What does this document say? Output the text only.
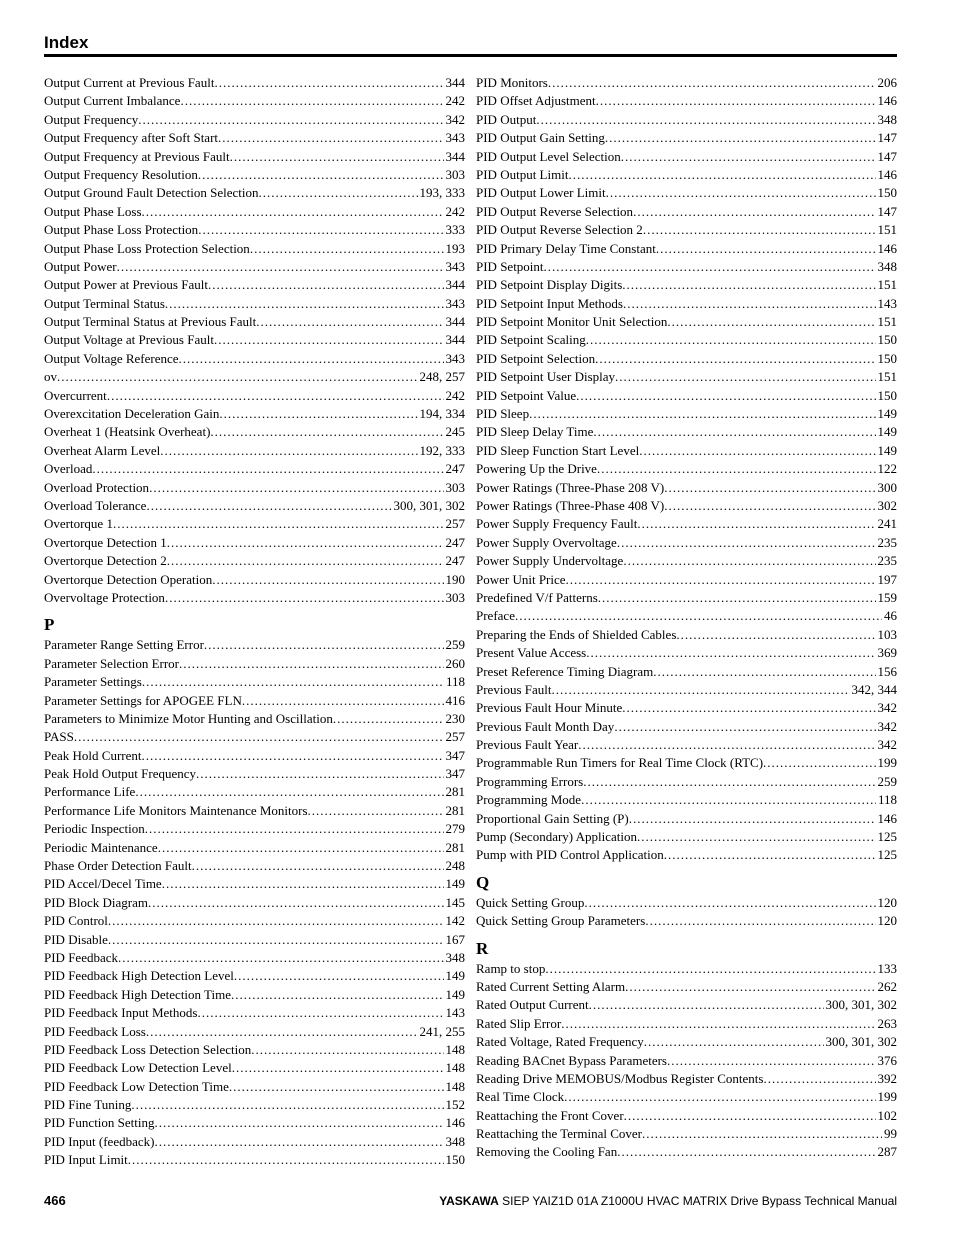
Index
Output Current at Previous Fault .....	344
Output Current Imbalance .....	242
Output Frequency .....	342
Output Frequency after Soft Start .....	343
Output Frequency at Previous Fault .....	344
Output Frequency Resolution .....	303
Output Ground Fault Detection Selection .....	193, 333
Output Phase Loss .....	242
Output Phase Loss Protection .....	333
Output Phase Loss Protection Selection .....	193
Output Power .....	343
Output Power at Previous Fault .....	344
Output Terminal Status .....	343
Output Terminal Status at Previous Fault .....	344
Output Voltage at Previous Fault .....	344
Output Voltage Reference .....	343
ov .....	248, 257
Overcurrent .....	242
Overexcitation Deceleration Gain .....	194, 334
Overheat 1 (Heatsink Overheat) .....	245
Overheat Alarm Level .....	192, 333
Overload .....	247
Overload Protection .....	303
Overload Tolerance .....	300, 301, 302
Overtorque 1 .....	257
Overtorque Detection 1 .....	247
Overtorque Detection 2 .....	247
Overtorque Detection Operation .....	190
Overvoltage Protection .....	303
P
Parameter Range Setting Error .....	259
Parameter Selection Error .....	260
Parameter Settings .....	118
Parameter Settings for APOGEE FLN .....	416
Parameters to Minimize Motor Hunting and Oscillation .....	230
PASS .....	257
Peak Hold Current .....	347
Peak Hold Output Frequency .....	347
Performance Life .....	281
Performance Life Monitors Maintenance Monitors .....	281
Periodic Inspection .....	279
Periodic Maintenance .....	281
Phase Order Detection Fault .....	248
PID Accel/Decel Time .....	149
PID Block Diagram .....	145
PID Control .....	142
PID Disable .....	167
PID Feedback .....	348
PID Feedback High Detection Level .....	149
PID Feedback High Detection Time .....	149
PID Feedback Input Methods .....	143
PID Feedback Loss .....	241, 255
PID Feedback Loss Detection Selection .....	148
PID Feedback Low Detection Level .....	148
PID Feedback Low Detection Time .....	148
PID Fine Tuning .....	152
PID Function Setting .....	146
PID Input (feedback) .....	348
PID Input Limit .....	150
PID Monitors .....	206
PID Offset Adjustment .....	146
PID Output .....	348
PID Output Gain Setting .....	147
PID Output Level Selection .....	147
PID Output Limit .....	146
PID Output Lower Limit .....	150
PID Output Reverse Selection .....	147
PID Output Reverse Selection 2 .....	151
PID Primary Delay Time Constant .....	146
PID Setpoint .....	348
PID Setpoint Display Digits .....	151
PID Setpoint Input Methods .....	143
PID Setpoint Monitor Unit Selection .....	151
PID Setpoint Scaling .....	150
PID Setpoint Selection .....	150
PID Setpoint User Display .....	151
PID Setpoint Value .....	150
PID Sleep .....	149
PID Sleep Delay Time .....	149
PID Sleep Function Start Level .....	149
Powering Up the Drive .....	122
Power Ratings (Three-Phase 208 V) .....	300
Power Ratings (Three-Phase 408 V) .....	302
Power Supply Frequency Fault .....	241
Power Supply Overvoltage .....	235
Power Supply Undervoltage .....	235
Power Unit Price .....	197
Predefined V/f Patterns .....	159
Preface .....	46
Preparing the Ends of Shielded Cables .....	103
Present Value Access .....	369
Preset Reference Timing Diagram .....	156
Previous Fault .....	342, 344
Previous Fault Hour Minute .....	342
Previous Fault Month Day .....	342
Previous Fault Year .....	342
Programmable Run Timers for Real Time Clock (RTC) .....	199
Programming Errors .....	259
Programming Mode .....	118
Proportional Gain Setting (P) .....	146
Pump (Secondary) Application .....	125
Pump with PID Control Application .....	125
Q
Quick Setting Group .....	120
Quick Setting Group Parameters .....	120
R
Ramp to stop .....	133
Rated Current Setting Alarm .....	262
Rated Output Current .....	300, 301, 302
Rated Slip Error .....	263
Rated Voltage, Rated Frequency .....	300, 301, 302
Reading BACnet Bypass Parameters .....	376
Reading Drive MEMOBUS/Modbus Register Contents .....	392
Real Time Clock .....	199
Reattaching the Front Cover .....	102
Reattaching the Terminal Cover .....	99
Removing the Cooling Fan .....	287
466	YASKAWA SIEP YAIZ1D 01A Z1000U HVAC MATRIX Drive Bypass Technical Manual
